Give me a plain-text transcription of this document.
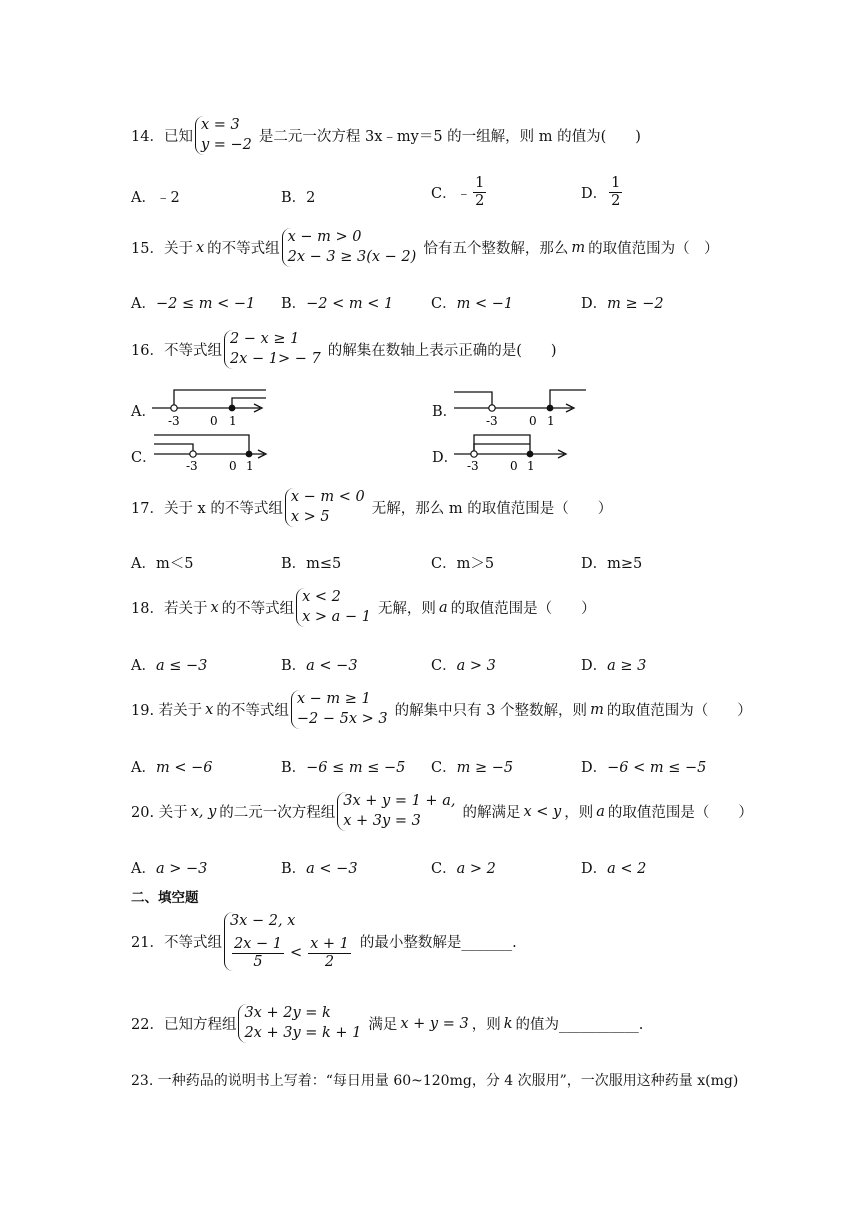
14．已知
x = 3
y = −2 是二元一次方程 3x﹣my＝5 的一组解，则 m 的值为(　　)
A．﹣2	B．2	C． ﹣ $\frac{1}{2}$	D． $\frac{1}{2}$
15．关于 x 的不等式组
x − m > 0
2x − 3 ≥ 3(x − 2) 恰有五个整数解，那么 m 的取值范围为（　）
A．−2 ≤ m < −1 B．−2 < m < 1	C．m < −1	D．m ≥ −2
16．不等式组
2 − x ≥ 1
2x − 1> − 7 的解集在数轴上表示正确的是(　　)
A．
-3	0 1
B．
-3	0 1
C． -3	0 1	D． -3	0 1
17．关于 x 的不等式组
x − m < 0
x > 5	无解，那么 m 的取值范围是（　　）
A．m＜5	B．m≤5	C．m＞5	D．m≥5
18．若关于 x 的不等式组
x < 2
x > a − 1 无解，则 a 的取值范围是（　　）
A．a ≤ −3	B．a < −3	C．a > 3	D．a ≥ 3
19. 若关于 x 的不等式组
x − m ≥ 1
−2 − 5x > 3 的解集中只有 3 个整数解，则 m 的取值范围为（　　）
A．m < −6	B．−6 ≤ m ≤ −5 C．m ≥ −5	D．−6 < m ≤ −5
20. 关于 x, y 的二元一次方程组
3x + y = 1 + a,
x + 3y = 3	的解满足 x < y ，则 a 的取值范围是（　　）
A．a > −3	B．a < −3	C．a > 2	D．a < 2
二、填空题
21．不等式组
3x − 2, x
$\frac{2x - 1}{5} < \frac{x + 1}{2}$ 的最小整数解是_______.
22．已知方程组
3x + 2y = k
2x + 3y = k + 1 满足 x + y = 3 ，则 k 的值为___________.
23. 一种药品的说明书上写着：“每日用量 60~120mg，分 4 次服用”，一次服用这种药量 x(mg)
